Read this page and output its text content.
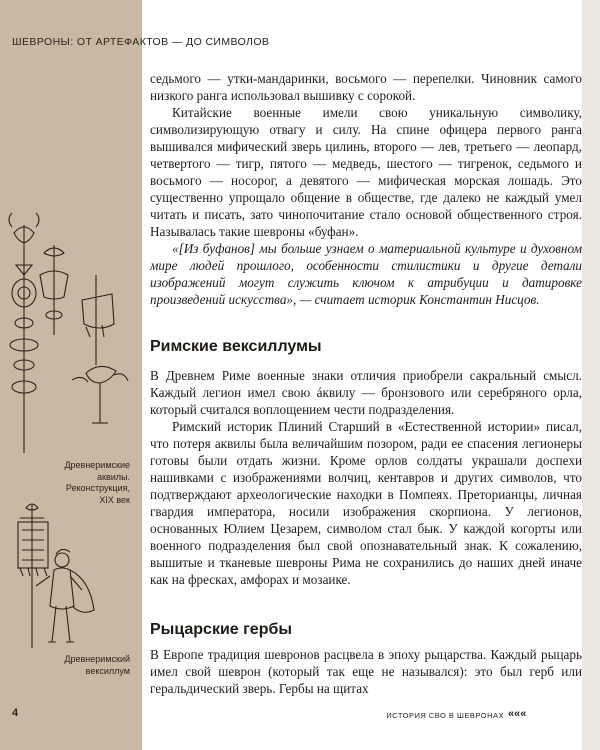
ШЕВРОНЫ: ОТ АРТЕФАКТОВ — ДО СИМВОЛОВ
Древнеримские
аквилы.
Реконструкция,
XIX век
Древнеримский
вексиллум

седьмого — утки-мандаринки, восьмого — перепелки. Чиновник самого низкого ранга использовал вышивку с сорокой.

Китайские военные имели свою уникальную символику, символизирующую отвагу и силу. На спине офицера первого ранга вышивался мифический зверь цилинь, второго — лев, третьего — леопард, четвертого — тигр, пятого — медведь, шестого — тигренок, седьмого и восьмого — носорог, а девятого — мифическая морская лошадь. Это существенно упрощало общение в обществе, где далеко не каждый умел читать и писать, зато чинопочитание стало основой общественного строя. Называлась такие шевроны «буфан».

«[Из буфанов] мы больше узнаем о материальной культуре и духовном мире людей прошлого, особенности стилистики и другие детали изображений могут служить ключом к атрибуции и датировке произведений искусства», — считает историк Константин Нисцов.

Римские вексиллумы

В Древнем Риме военные знаки отличия приобрели сакральный смысл. Каждый легион имел свою áквилу — бронзового или серебряного орла, который считался воплощением чести подразделения.

Римский историк Плиний Старший в «Естественной истории» писал, что потеря аквилы была величайшим позором, ради ее спасения легионеры готовы были отдать жизни. Кроме орлов солдаты украшали доспехи нашивками с изображениями волчиц, кентавров и других символов, что подтверждают археологические находки в Помпеях. Преторианцы, личная гвардия императора, носили изображения скорпиона. У легионов, основанных Юлием Цезарем, символом стал бык. У каждой когорты или военного подразделения был свой опознавательный знак. К сожалению, вышитые и тканевые шевроны Рима не сохранились до наших дней иначе как на фресках, амфорах и мозаике.

Рыцарские гербы

В Европе традиция шевронов расцвела в эпоху рыцарства. Каждый рыцарь имел свой шеврон (который так еще не назывался): это был герб или геральдический зверь. Гербы на щитах

4	ИСТОРИЯ СВО В ШЕВРОНАХ «««
